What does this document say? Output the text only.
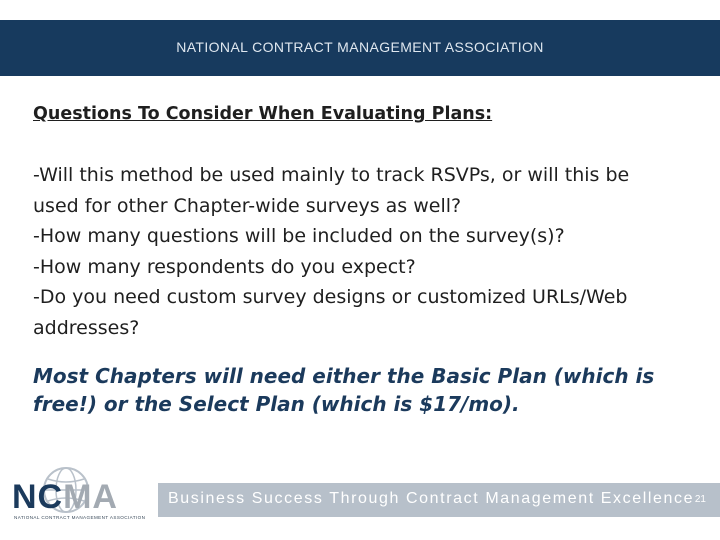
NATIONAL CONTRACT MANAGEMENT ASSOCIATION
Questions To Consider When Evaluating Plans:
-Will this method be used mainly to track RSVPs, or will this be
used for other Chapter-wide surveys as well?
-How many questions will be included on the survey(s)?
-How many respondents do you expect?
-Do you need custom survey designs or customized URLs/Web
addresses?
Most Chapters will need either the Basic Plan (which is
free!) or the Select Plan (which is $17/mo).
NCMA
NATIONAL CONTRACT MANAGEMENT ASSOCIATION
Business Success Through Contract Management Excellence 21
